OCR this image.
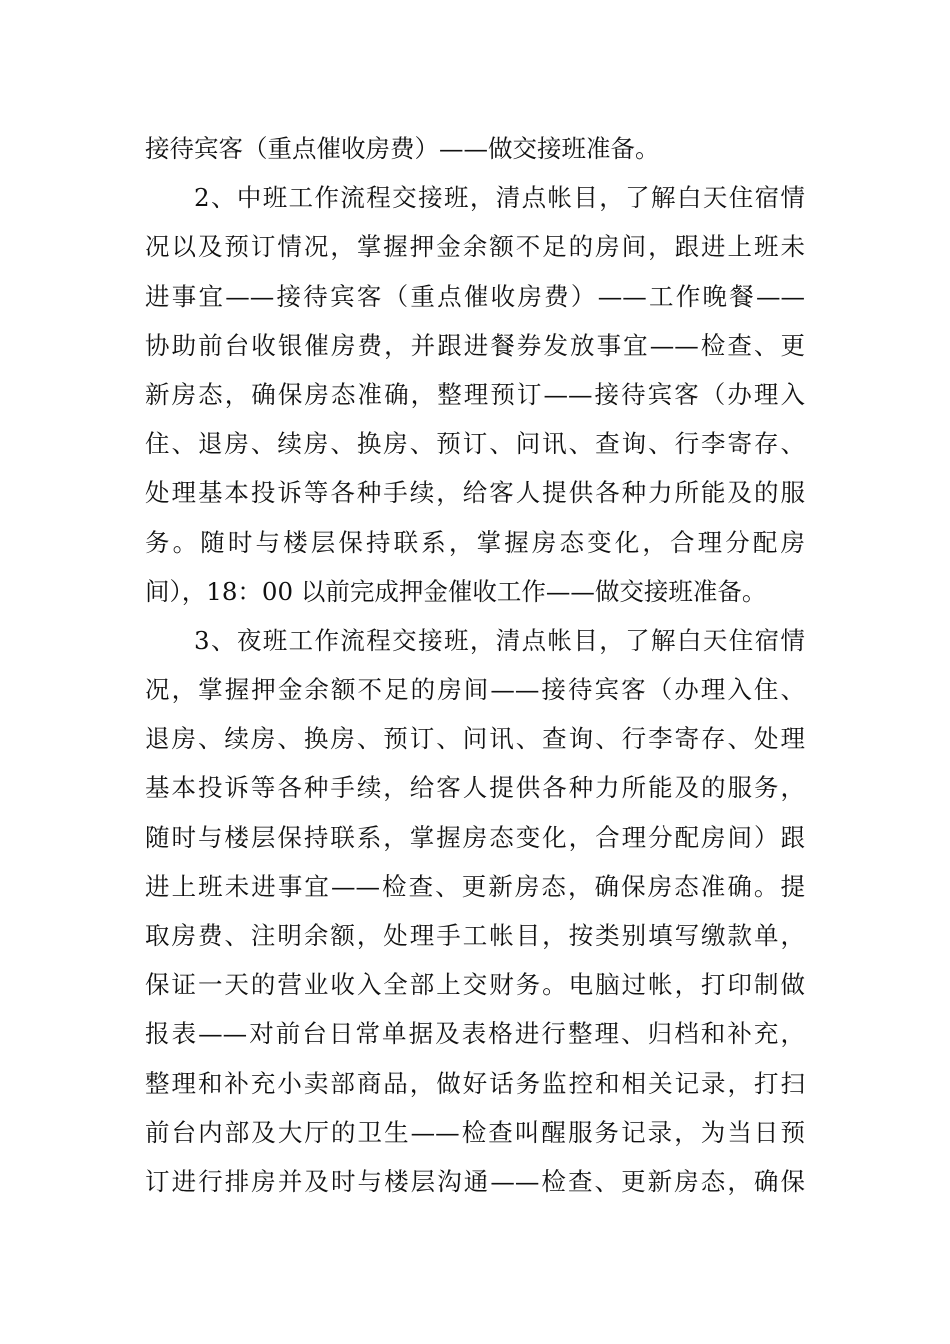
接待宾客（重点催收房费）——做交接班准备。
2、中班工作流程交接班，清点帐目，了解白天住宿情
况以及预订情况，掌握押金余额不足的房间，跟进上班未
进事宜——接待宾客（重点催收房费）——工作晚餐——
协助前台收银催房费，并跟进餐券发放事宜——检查、更
新房态，确保房态准确，整理预订——接待宾客（办理入
住、退房、续房、换房、预订、问讯、查询、行李寄存、
处理基本投诉等各种手续，给客人提供各种力所能及的服
务。随时与楼层保持联系，掌握房态变化，合理分配房
间），18：00 以前完成押金催收工作——做交接班准备。
3、夜班工作流程交接班，清点帐目，了解白天住宿情
况，掌握押金余额不足的房间——接待宾客（办理入住、
退房、续房、换房、预订、问讯、查询、行李寄存、处理
基本投诉等各种手续，给客人提供各种力所能及的服务，
随时与楼层保持联系，掌握房态变化，合理分配房间）跟
进上班未进事宜——检查、更新房态，确保房态准确。提
取房费、注明余额，处理手工帐目，按类别填写缴款单，
保证一天的营业收入全部上交财务。电脑过帐，打印制做
报表——对前台日常单据及表格进行整理、归档和补充，
整理和补充小卖部商品，做好话务监控和相关记录，打扫
前台内部及大厅的卫生——检查叫醒服务记录，为当日预
订进行排房并及时与楼层沟通——检查、更新房态，确保
